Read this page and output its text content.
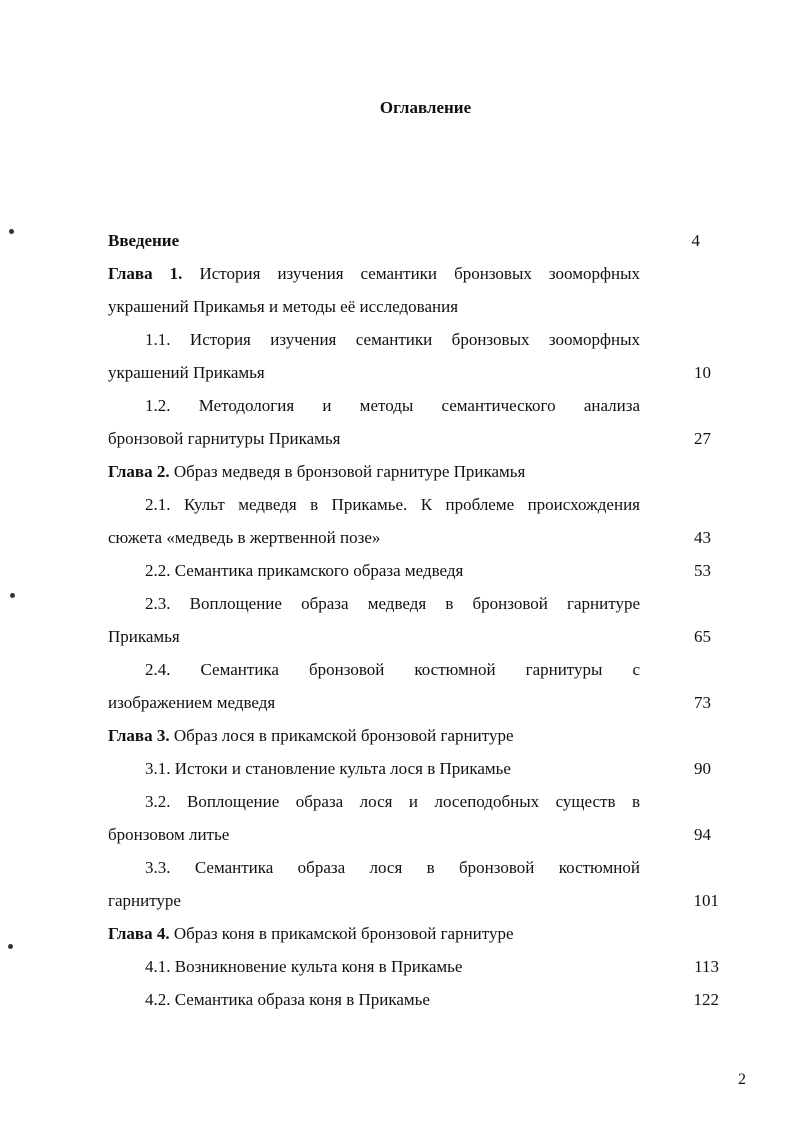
Оглавление
Введение	4
Глава 1. История изучения семантики бронзовых зооморфных
украшений Прикамья и методы её исследования
1.1. История изучения семантики бронзовых зооморфных
украшений Прикамья	10
1.2. Методология и методы семантического анализа
бронзовой гарнитуры Прикамья	27
Глава 2. Образ медведя в бронзовой гарнитуре Прикамья
2.1. Культ медведя в Прикамье. К проблеме происхождения
сюжета «медведь в жертвенной позе»	43
2.2. Семантика прикамского образа медведя	53
2.3. Воплощение образа медведя в бронзовой гарнитуре
Прикамья	65
2.4. Семантика бронзовой костюмной гарнитуры с
изображением медведя	73
Глава 3. Образ лося в прикамской бронзовой гарнитуре
3.1. Истоки и становление культа лося в Прикамье	90
3.2. Воплощение образа лося и лосеподобных существ в
бронзовом литье	94
3.3. Семантика образа лося в бронзовой костюмной
гарнитуре	101
Глава 4. Образ коня в прикамской бронзовой гарнитуре
4.1. Возникновение культа коня в Прикамье	113
4.2. Семантика образа коня в Прикамье	122
2
